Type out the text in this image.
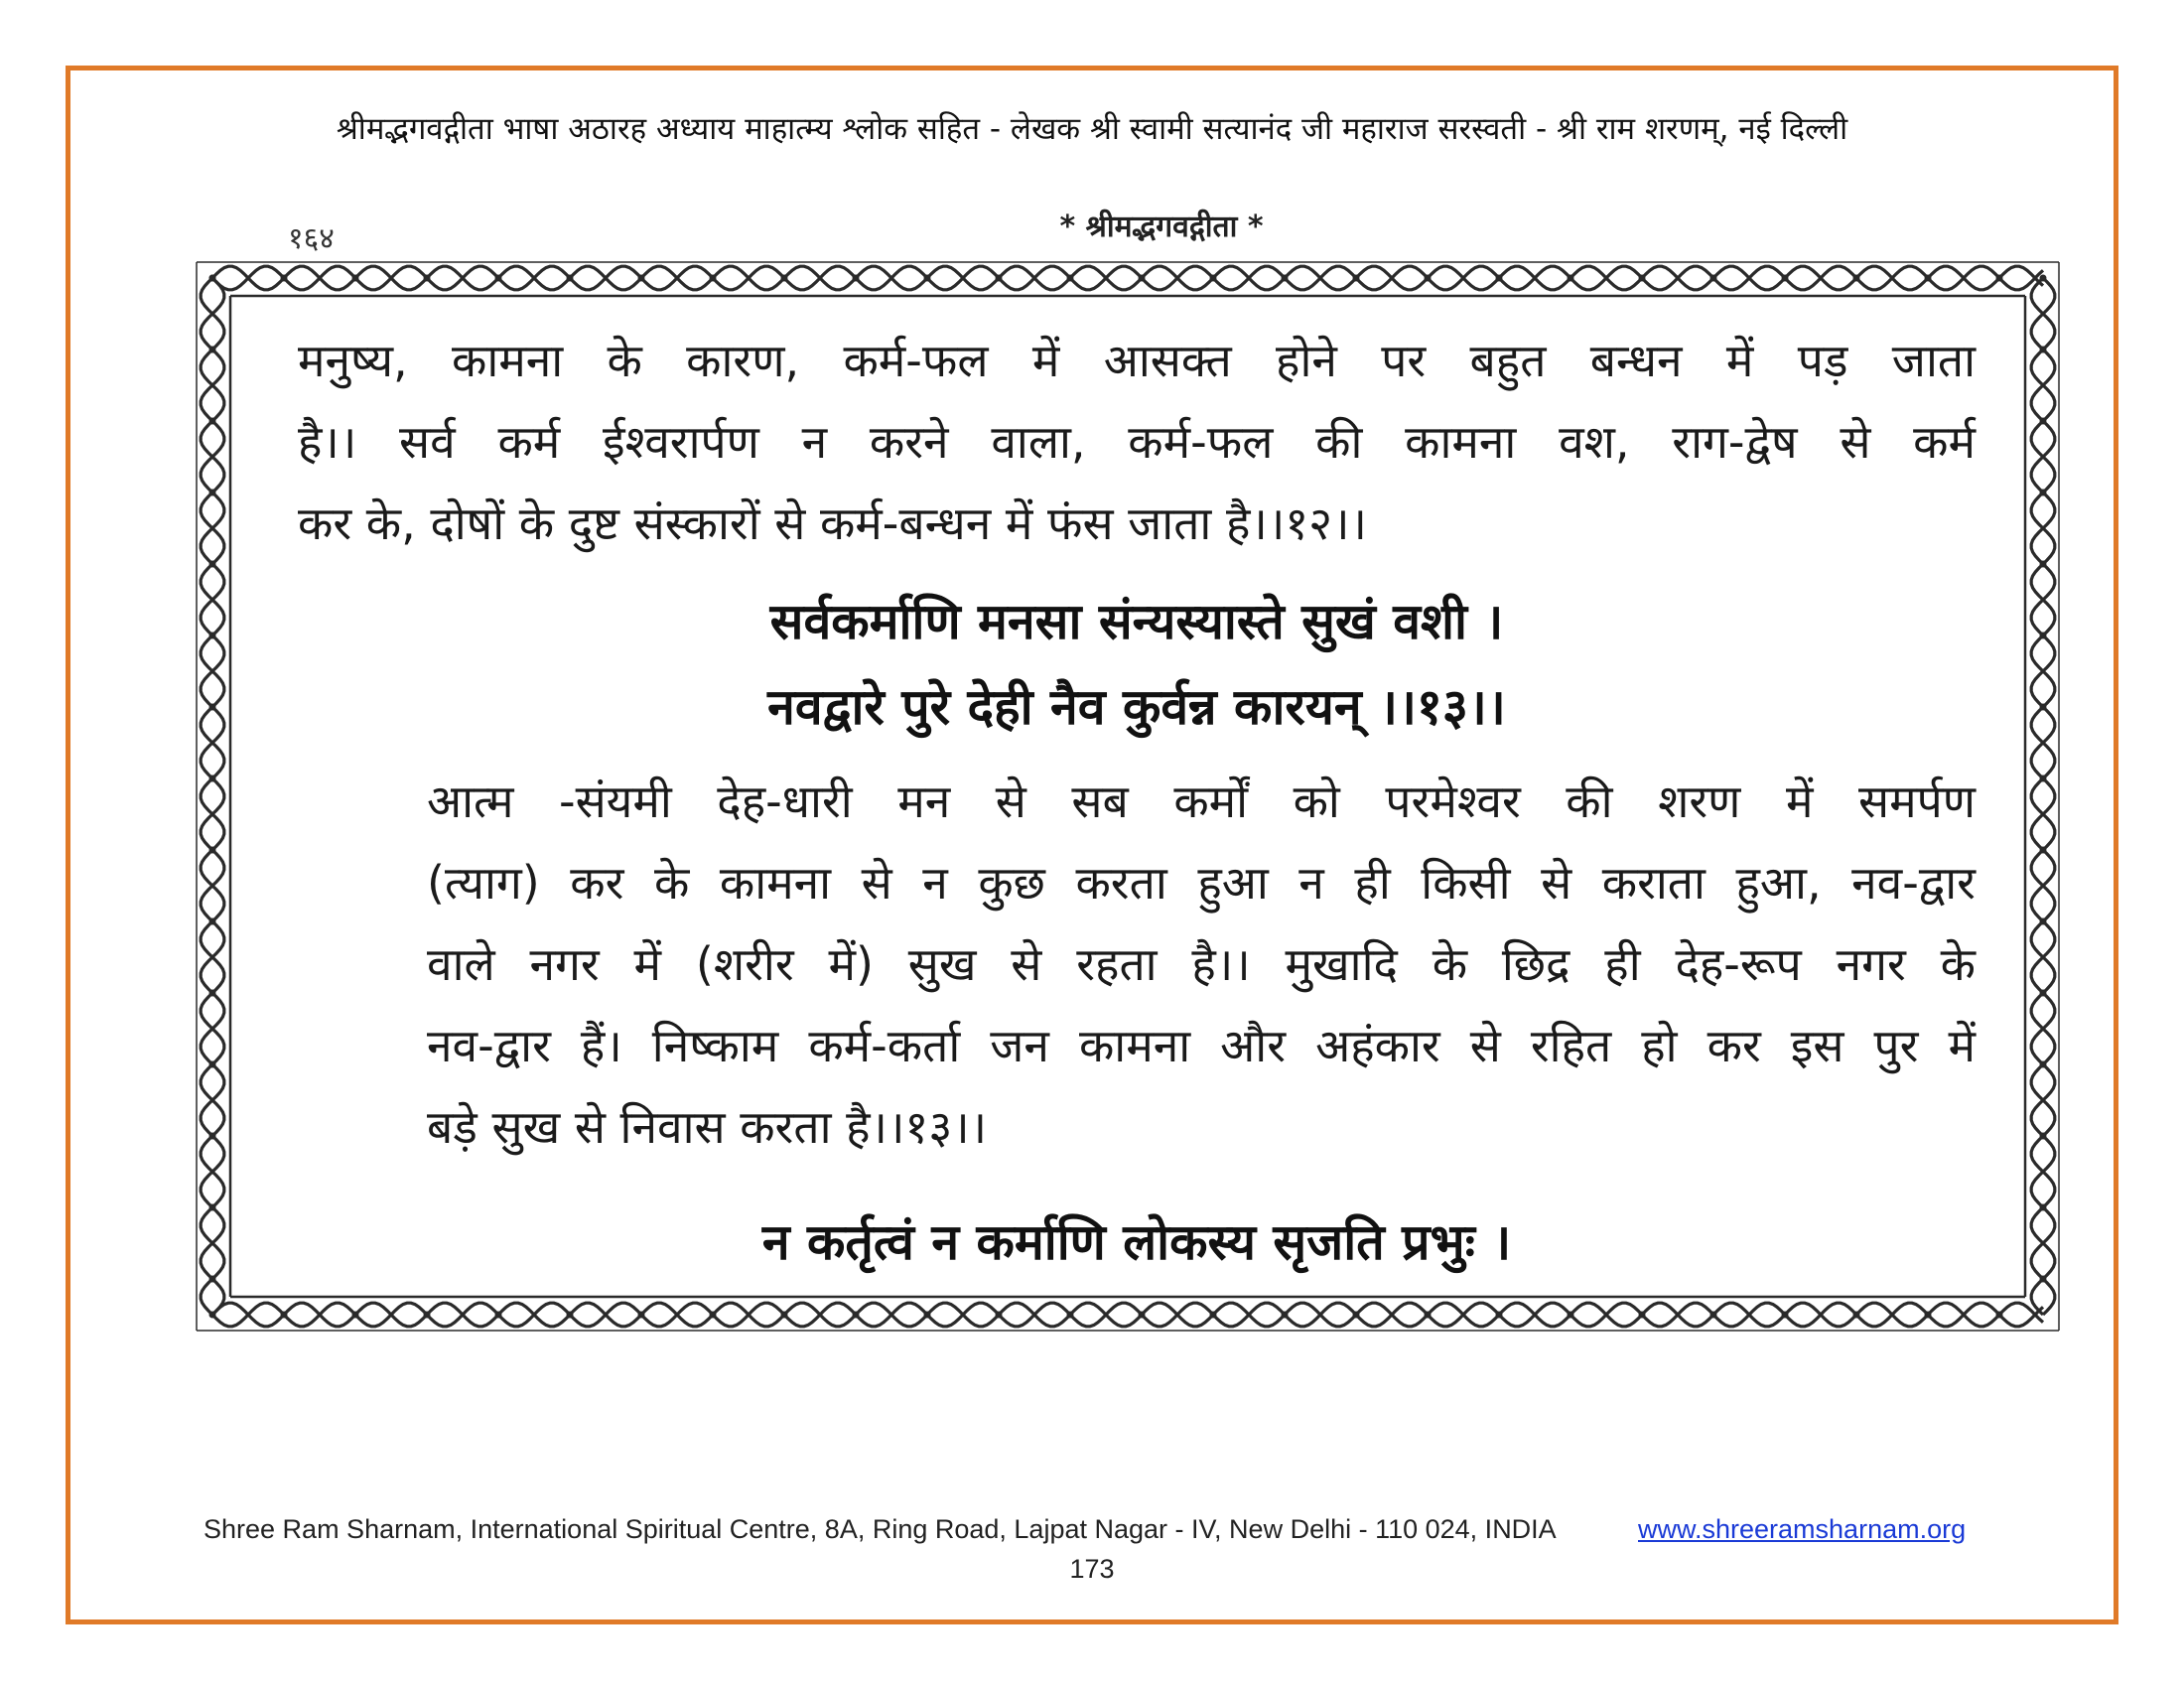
श्रीमद्भगवद्गीता भाषा अठारह अध्याय माहात्म्य श्लोक सहित - लेखक श्री स्वामी सत्यानंद जी महाराज सरस्वती - श्री राम शरणम्, नई दिल्ली
१६४	* श्रीमद्भगवद्गीता *
मनुष्य, कामना के कारण, कर्म-फल में आसक्त होने पर बहुत बन्धन में पड़ जाता
है।। सर्व कर्म ईश्वरार्पण न करने वाला, कर्म-फल की कामना वश, राग-द्वेष से कर्म
कर के, दोषों के दुष्ट संस्कारों से कर्म-बन्धन में फंस जाता है।।१२।।
सर्वकर्माणि मनसा संन्यस्यास्ते सुखं वशी ।
नवद्वारे पुरे देही नैव कुर्वन्न कारयन् ।।१३।।
आत्म -संयमी देह-धारी मन से सब कर्मों को परमेश्वर की शरण में समर्पण
(त्याग) कर के कामना से न कुछ करता हुआ न ही किसी से कराता हुआ, नव-द्वार
वाले नगर में (शरीर में) सुख से रहता है।। मुखादि के छिद्र ही देह-रूप नगर के
नव-द्वार हैं। निष्काम कर्म-कर्ता जन कामना और अहंकार से रहित हो कर इस पुर में
बड़े सुख से निवास करता है।।१३।।
न कर्तृत्वं न कर्माणि लोकस्य सृजति प्रभुः ।
Shree Ram Sharnam, International Spiritual Centre, 8A, Ring Road, Lajpat Nagar - IV, New Delhi - 110 024, INDIA	www.shreeramsharnam.org
173
